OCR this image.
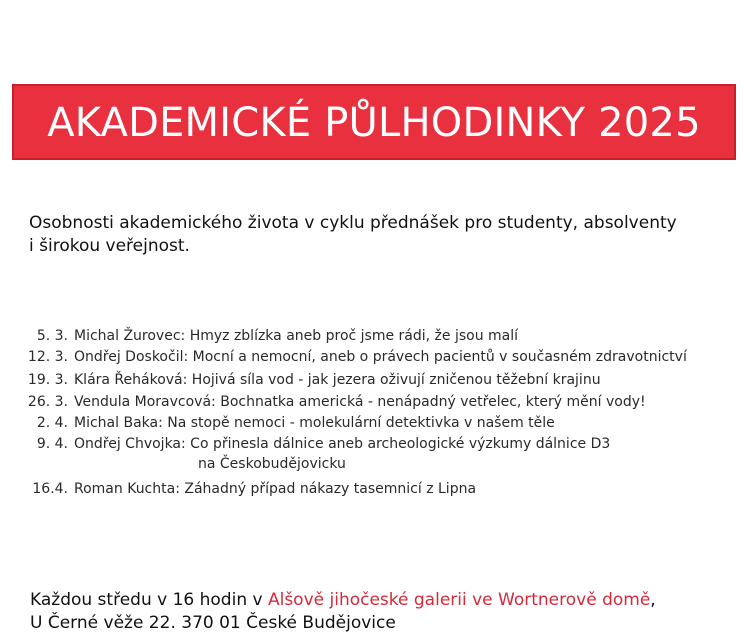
AKADEMICKÉ PŮLHODINKY 2025
Osobnosti akademického života v cyklu přednášek pro studenty, absolventy
i širokou veřejnost.
5. 3. Michal Žurovec: Hmyz zblízka aneb proč jsme rádi, že jsou malí
12. 3. Ondřej Doskočil: Mocní a nemocní, aneb o právech pacientů v současném zdravotnictví
19. 3. Klára Řeháková: Hojivá síla vod - jak jezera oživují zničenou těžební krajinu
26. 3. Vendula Moravcová: Bochnatka americká - nenápadný vetřelec, který mění vody!
2. 4. Michal Baka: Na stopě nemoci - molekulární detektivka v našem těle
9. 4. Ondřej Chvojka: Co přinesla dálnice aneb archeologické výzkumy dálnice D3
na Českobudějovicku
16.4. Roman Kuchta: Záhadný případ nákazy tasemnicí z Lipna
Každou středu v 16 hodin v Alšově jihočeské galerii ve Wortnerově domě,
U Černé věže 22. 370 01 České Budějovice
